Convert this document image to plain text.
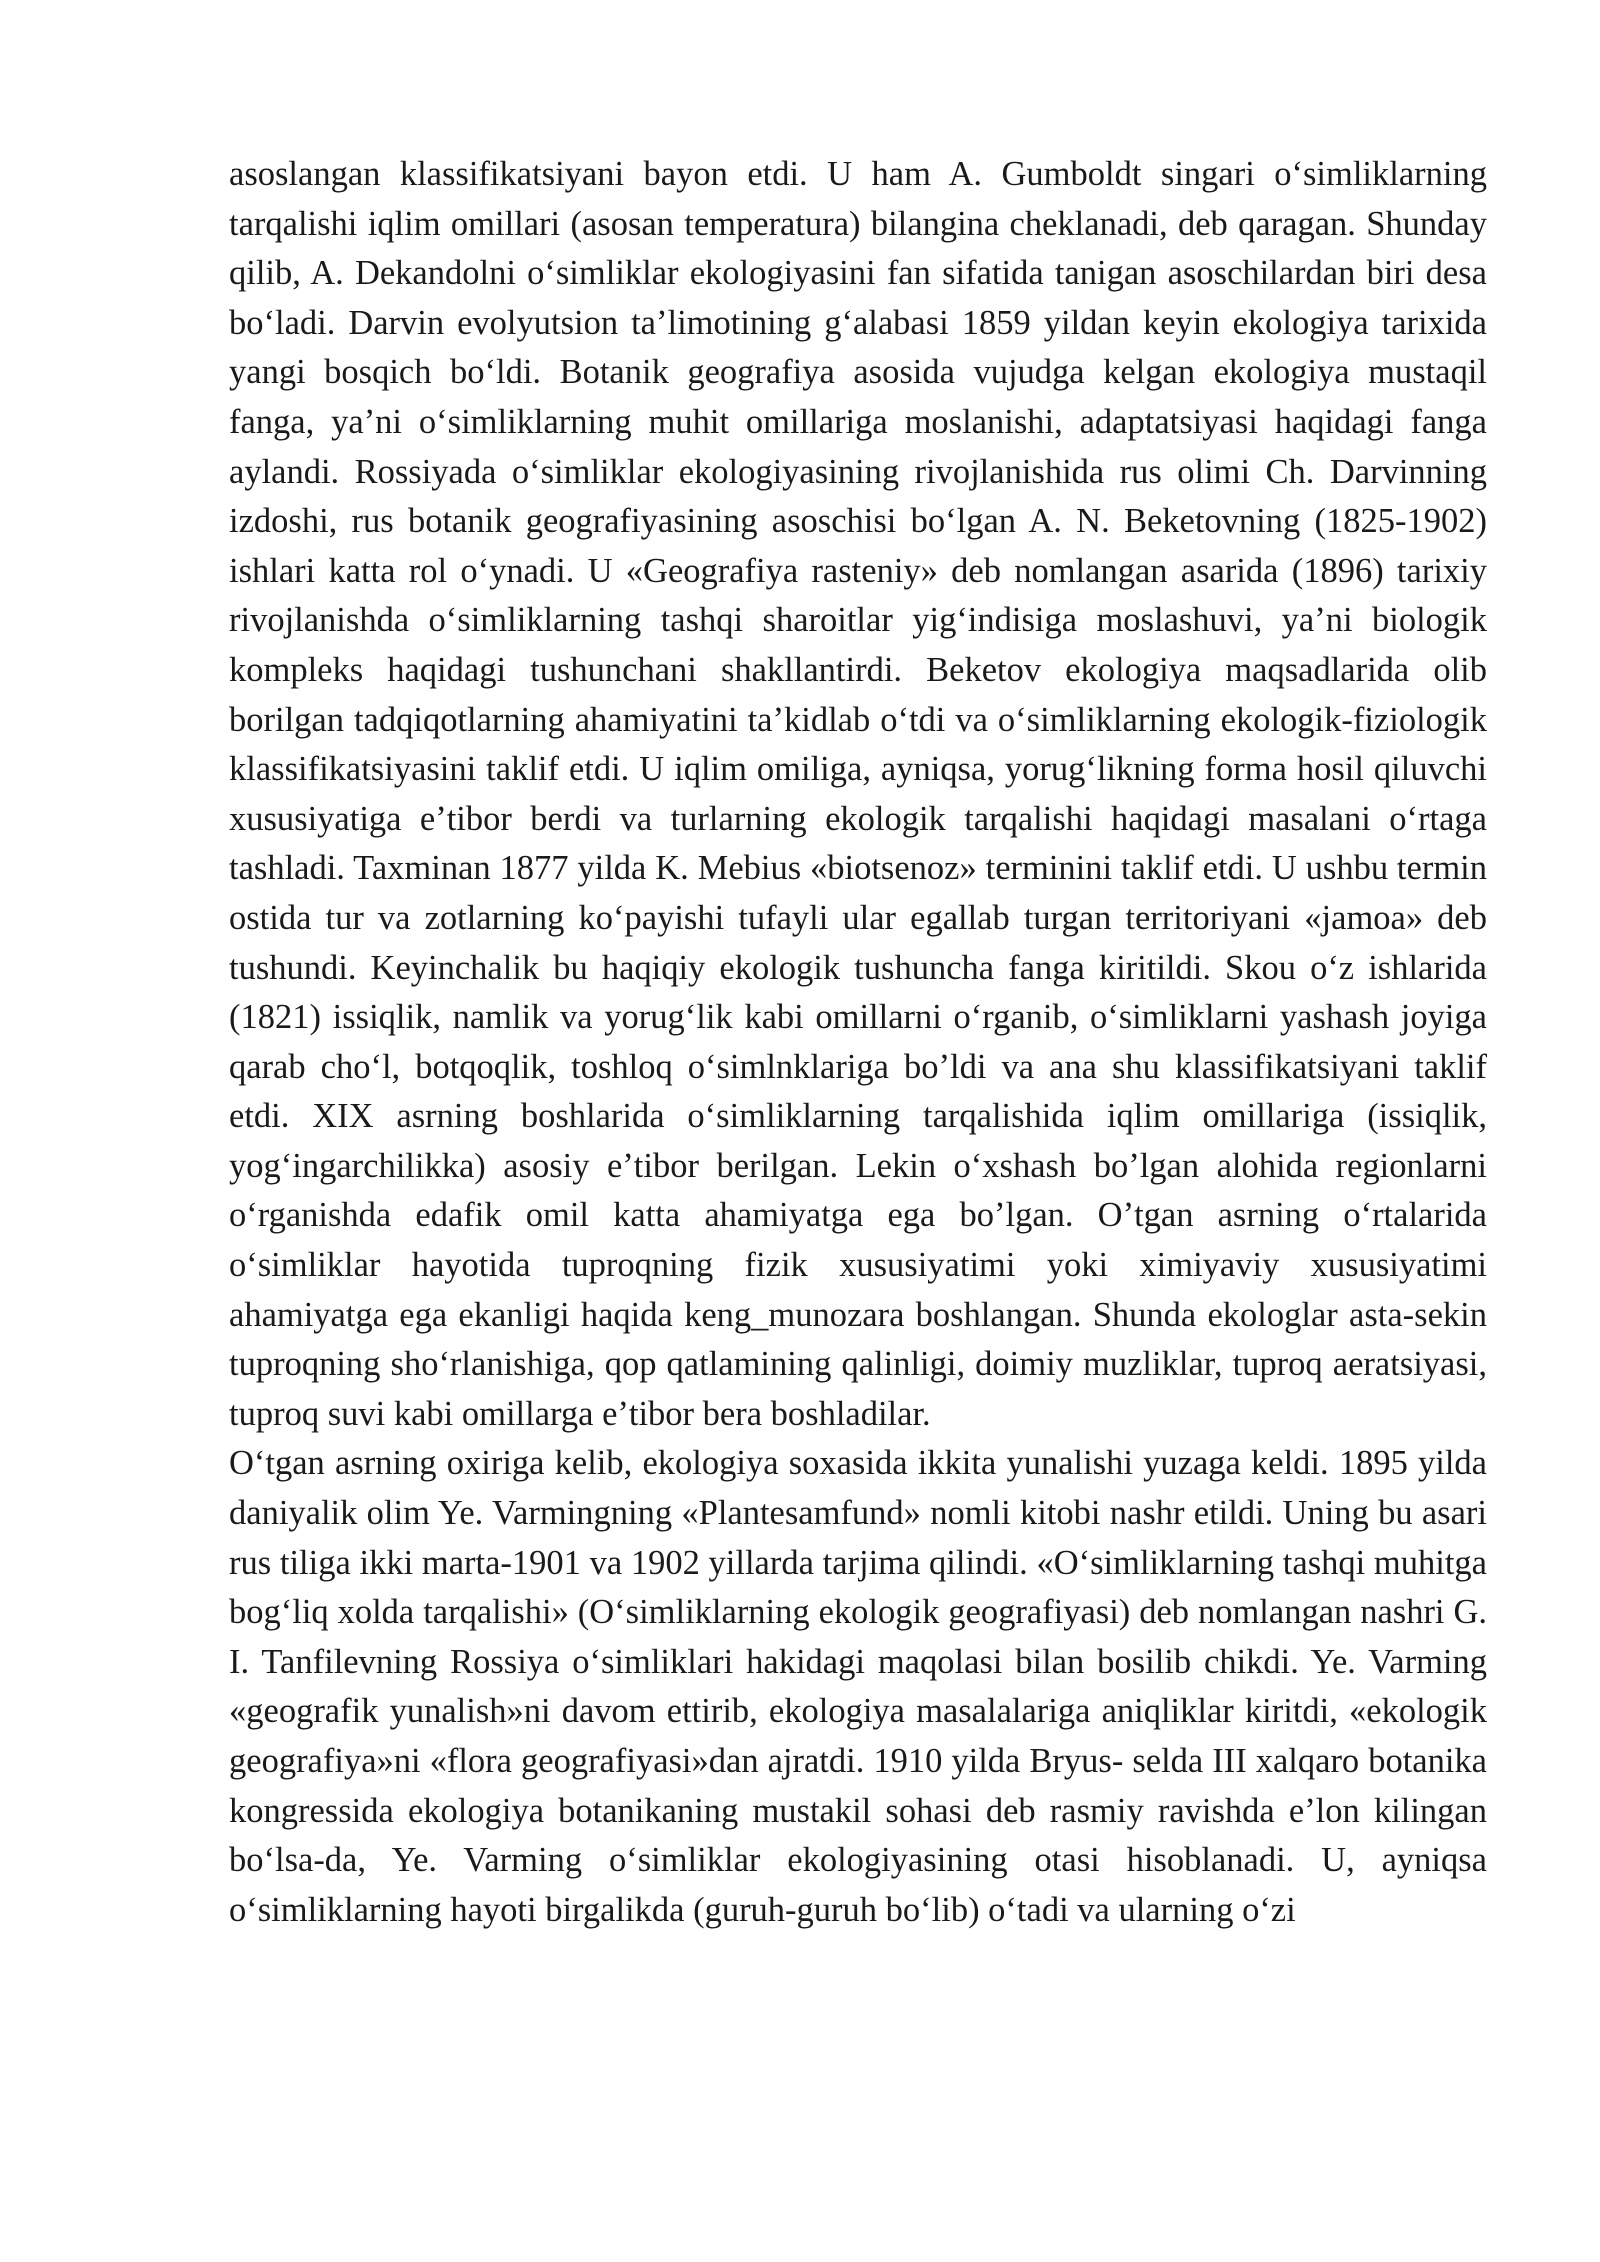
asoslangan klassifikatsiyani bayon etdi. U ham A. Gumboldt singari oʻsimliklarning tarqalishi iqlim omillari (asosan temperatura) bilangina cheklanadi, deb qaragan. Shunday qilib, A. Dekandolni oʻsimliklar ekologiyasini fan sifatida tanigan asoschilardan biri desa boʻladi. Darvin evolyutsion taʼlimotining gʻalabasi 1859 yildan keyin ekologiya tarixida yangi bosqich boʻldi. Botanik geografiya asosida vujudga kelgan ekologiya mustaqil fanga, yaʼni oʻsimliklarning muhit omillariga moslanishi, adaptatsiyasi haqidagi fanga aylandi. Rossiyada oʻsimliklar ekologiyasining rivojlanishida rus olimi Ch. Darvinning izdoshi, rus botanik geografiyasining asoschisi boʻlgan A. N. Beketovning (1825-1902) ishlari katta rol oʻynadi. U «Geografiya rasteniy» deb nomlangan asarida (1896) tarixiy rivojlanishda oʻsimliklarning tashqi sharoitlar yigʻindisiga moslashuvi, yaʼni biologik kompleks haqidagi tushunchani shakllantirdi. Beketov ekologiya maqsadlarida olib borilgan tadqiqotlarning ahamiyatini taʼkidlab oʻtdi va oʻsimliklarning ekologik-fiziologik klassifikatsiyasini taklif etdi. U iqlim omiliga, ayniqsa, yorugʻlikning forma hosil qiluvchi xususiyatiga eʼtibor berdi va turlarning ekologik tarqalishi haqidagi masalani oʻrtaga tashladi. Taxminan 1877 yilda K. Mebius «biotsenoz» terminini taklif etdi. U ushbu termin ostida tur va zotlarning koʻpayishi tufayli ular egallab turgan territoriyani «jamoa» deb tushundi. Keyinchalik bu haqiqiy ekologik tushuncha fanga kiritildi. Skou oʻz ishlarida (1821) issiqlik, namlik va yorugʻlik kabi omillarni oʻrganib, oʻsimliklarni yashash joyiga qarab choʻl, botqoqlik, toshloq oʻsimlnklariga boʼldi va ana shu klassifikatsiyani taklif etdi. XIX asrning boshlarida oʻsimliklarning tarqalishida iqlim omillariga (issiqlik, yogʻingarchilikka) asosiy eʼtibor berilgan. Lekin oʻxshash boʼlgan alohida regionlarni oʻrganishda edafik omil katta ahamiyatga ega boʼlgan. Oʼtgan asrning oʻrtalarida oʻsimliklar hayotida tuproqning fizik xususiyatimi yoki ximiyaviy xususiyatimi ahamiyatga ega ekanligi haqida keng_munozara boshlangan. Shunda ekologlar asta-sekin tuproqning shoʻrlanishiga, qop qatlamining qalinligi, doimiy muzliklar, tuproq aeratsiyasi, tuproq suvi kabi omillarga eʼtibor bera boshladilar.

Oʻtgan asrning oxiriga kelib, ekologiya soxasida ikkita yunalishi yuzaga keldi. 1895 yilda daniyalik olim Ye. Varmingning «Plantesamfund» nomli kitobi nashr etildi. Uning bu asari rus tiliga ikki marta-1901 va 1902 yillarda tarjima qilindi. «Oʻsimliklarning tashqi muhitga bogʻliq xolda tarqalishi» (Oʻsimliklarning ekologik geografiyasi) deb nomlangan nashri G. I. Tanfilevning Rossiya oʻsimliklari hakidagi maqolasi bilan bosilib chikdi. Ye. Varming «geografik yunalish»ni davom ettirib, ekologiya masalalariga aniqliklar kiritdi, «ekologik geografiya»ni «flora geografiyasi»dan ajratdi. 1910 yilda Bryus- selda III xalqaro botanika kongressida ekologiya botanikaning mustakil sohasi deb rasmiy ravishda eʼlon kilingan boʻlsa-da, Ye. Varming oʻsimliklar ekologiyasining otasi hisoblanadi. U, ayniqsa oʻsimliklarning hayoti birgalikda (guruh-guruh boʻlib) oʻtadi va ularning oʻzi
